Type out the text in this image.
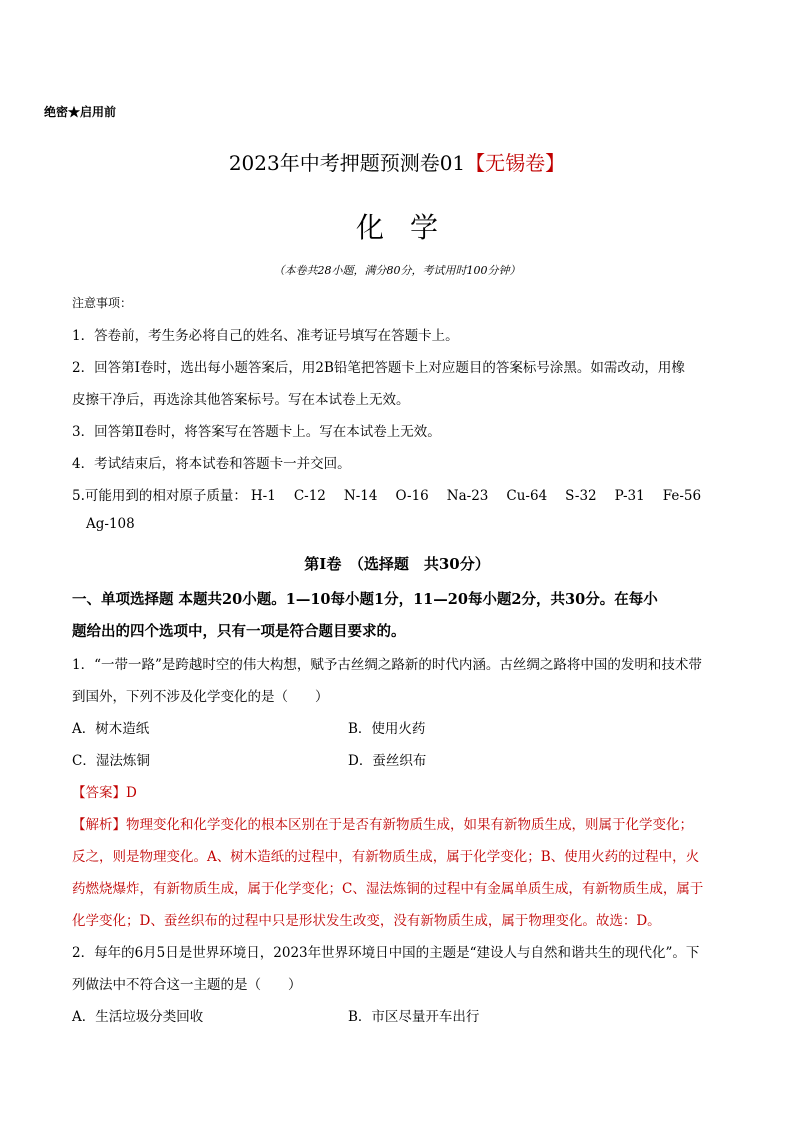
绝密★启用前
2023年中考押题预测卷01【无锡卷】
化学
（本卷共28小题，满分80分，考试用时100分钟）
注意事项：
1．答卷前，考生务必将自己的姓名、准考证号填写在答题卡上。
2．回答第Ⅰ卷时，选出每小题答案后，用2B铅笔把答题卡上对应题目的答案标号涂黑。如需改动，用橡
皮擦干净后，再选涂其他答案标号。写在本试卷上无效。
3．回答第Ⅱ卷时，将答案写在答题卡上。写在本试卷上无效。
4．考试结束后，将本试卷和答题卡一并交回。
5.可能用到的相对原子质量： H-1 C-12 N-14 O-16 Na-23 Cu-64 S-32 P-31 Fe-56
Ag-108
第Ⅰ卷　（选择题　共30分）
一、单项选择题 本题共20小题。1—10每小题1分，11—20每小题2分，共30分。在每小
题给出的四个选项中，只有一项是符合题目要求的。
1．“一带一路”是跨越时空的伟大构想，赋予古丝绸之路新的时代内涵。古丝绸之路将中国的发明和技术带
到国外，下列不涉及化学变化的是（　　）
A．树木造纸	B．使用火药
C．湿法炼铜	D．蚕丝织布
【答案】D
【解析】物理变化和化学变化的根本区别在于是否有新物质生成，如果有新物质生成，则属于化学变化；
反之，则是物理变化。A、树木造纸的过程中，有新物质生成，属于化学变化；B、使用火药的过程中，火
药燃烧爆炸，有新物质生成，属于化学变化；C、湿法炼铜的过程中有金属单质生成，有新物质生成，属于
化学变化；D、蚕丝织布的过程中只是形状发生改变，没有新物质生成，属于物理变化。故选：D。
2．每年的6月5日是世界环境日，2023年世界环境日中国的主题是“建设人与自然和谐共生的现代化”。下
列做法中不符合这一主题的是（　　）
A．生活垃圾分类回收	B．市区尽量开车出行
